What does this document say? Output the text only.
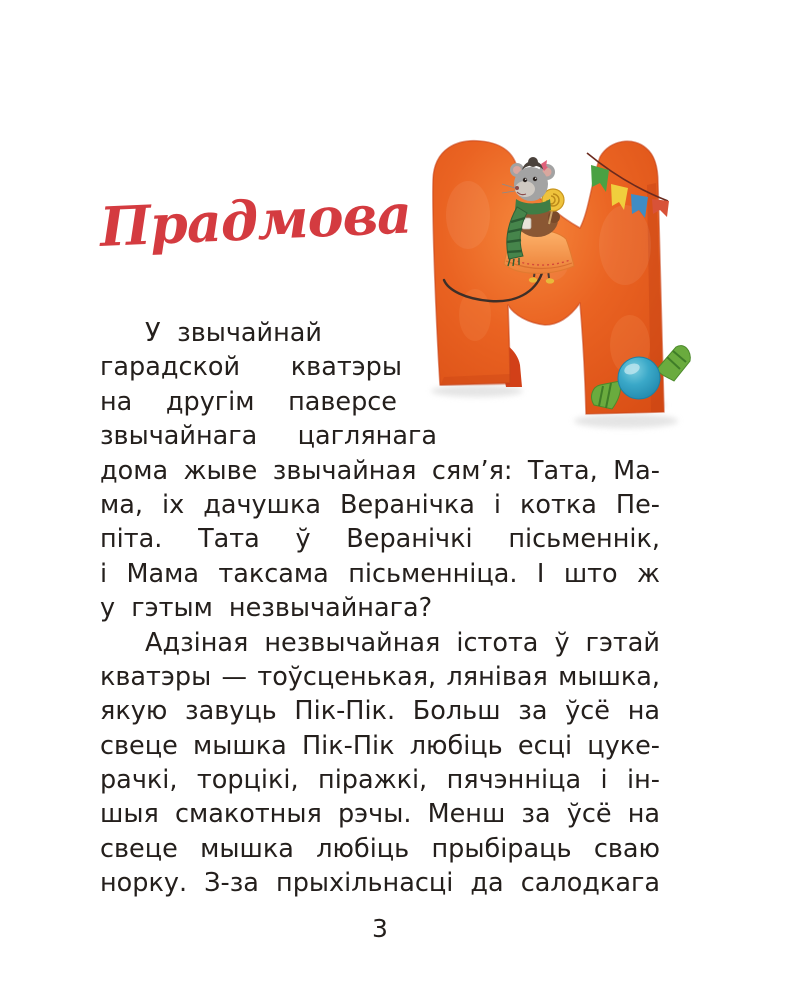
Прадмова
У звычайнай
гарадской кватэры
на другім паверсе
звычайнага цаглянага
дома жыве звычайная сям’я: Тата, Ма-
ма, іх дачушка Веранічка і котка Пе-
піта. Тата ў Веранічкі пісьменнік,
і Мама таксама пісьменніца. І што ж
у гэтым незвычайнага?
Адзіная незвычайная істота ў гэтай
кватэры — тоўсценькая, лянівая мышка,
якую завуць Пік-Пік. Больш за ўсё на
свеце мышка Пік-Пік любіць есці цуке-
рачкі, торцікі, піражкі, пячэнніца і ін-
шыя смакотныя рэчы. Менш за ўсё на
свеце мышка любіць прыбіраць сваю
норку. З-за прыхільнасці да салодкага
3
